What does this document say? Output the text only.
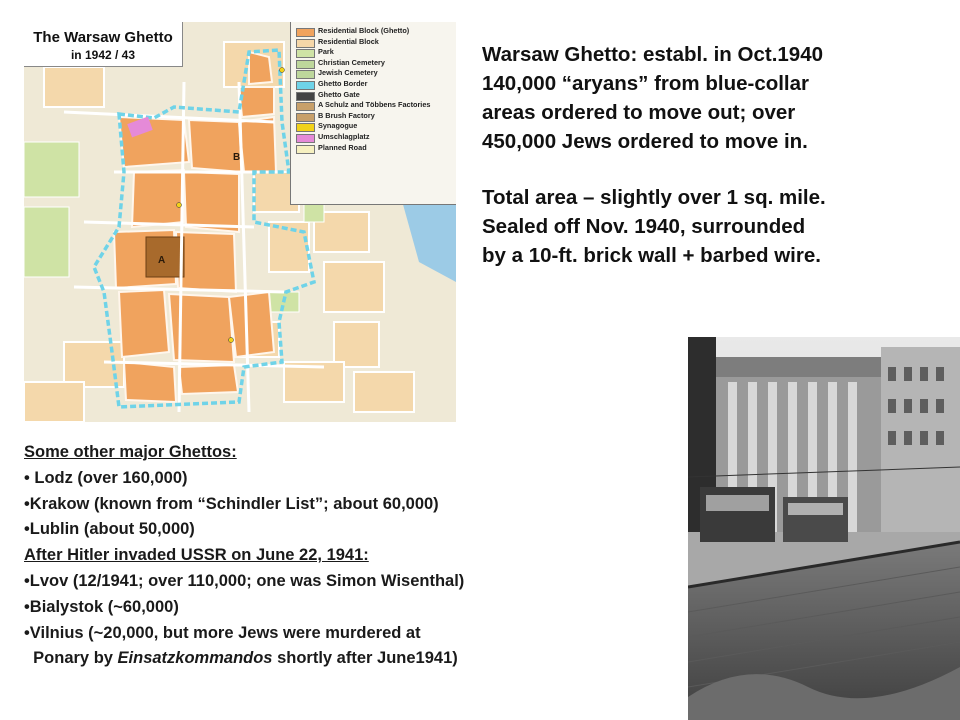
A
B
The Warsaw Ghetto
in 1942 / 43
Residential Block (Ghetto)
Residential Block
Park
Christian Cemetery
Jewish Cemetery
Ghetto Border
Ghetto Gate
A Schulz and Többens Factories
B Brush Factory
Synagogue
Umschlagplatz
Planned Road

Warsaw Ghetto: establ. in Oct.1940

140,000 “aryans” from blue-collar

areas ordered to move out; over

450,000 Jews ordered to move in.

Total area – slightly over 1 sq. mile.

Sealed off Nov. 1940, surrounded

by a 10-ft. brick wall + barbed wire.

Some other major Ghettos:

• Lodz (over 160,000)

•Krakow (known from “Schindler List”; about 60,000)

•Lublin (about 50,000)

After Hitler invaded USSR on June 22, 1941:

•Lvov (12/1941; over 110,000; one was Simon Wisenthal)

•Bialystok (~60,000)

•Vilnius (~20,000, but more Jews were murdered at

Ponary by Einsatzkommandos shortly after June1941)
